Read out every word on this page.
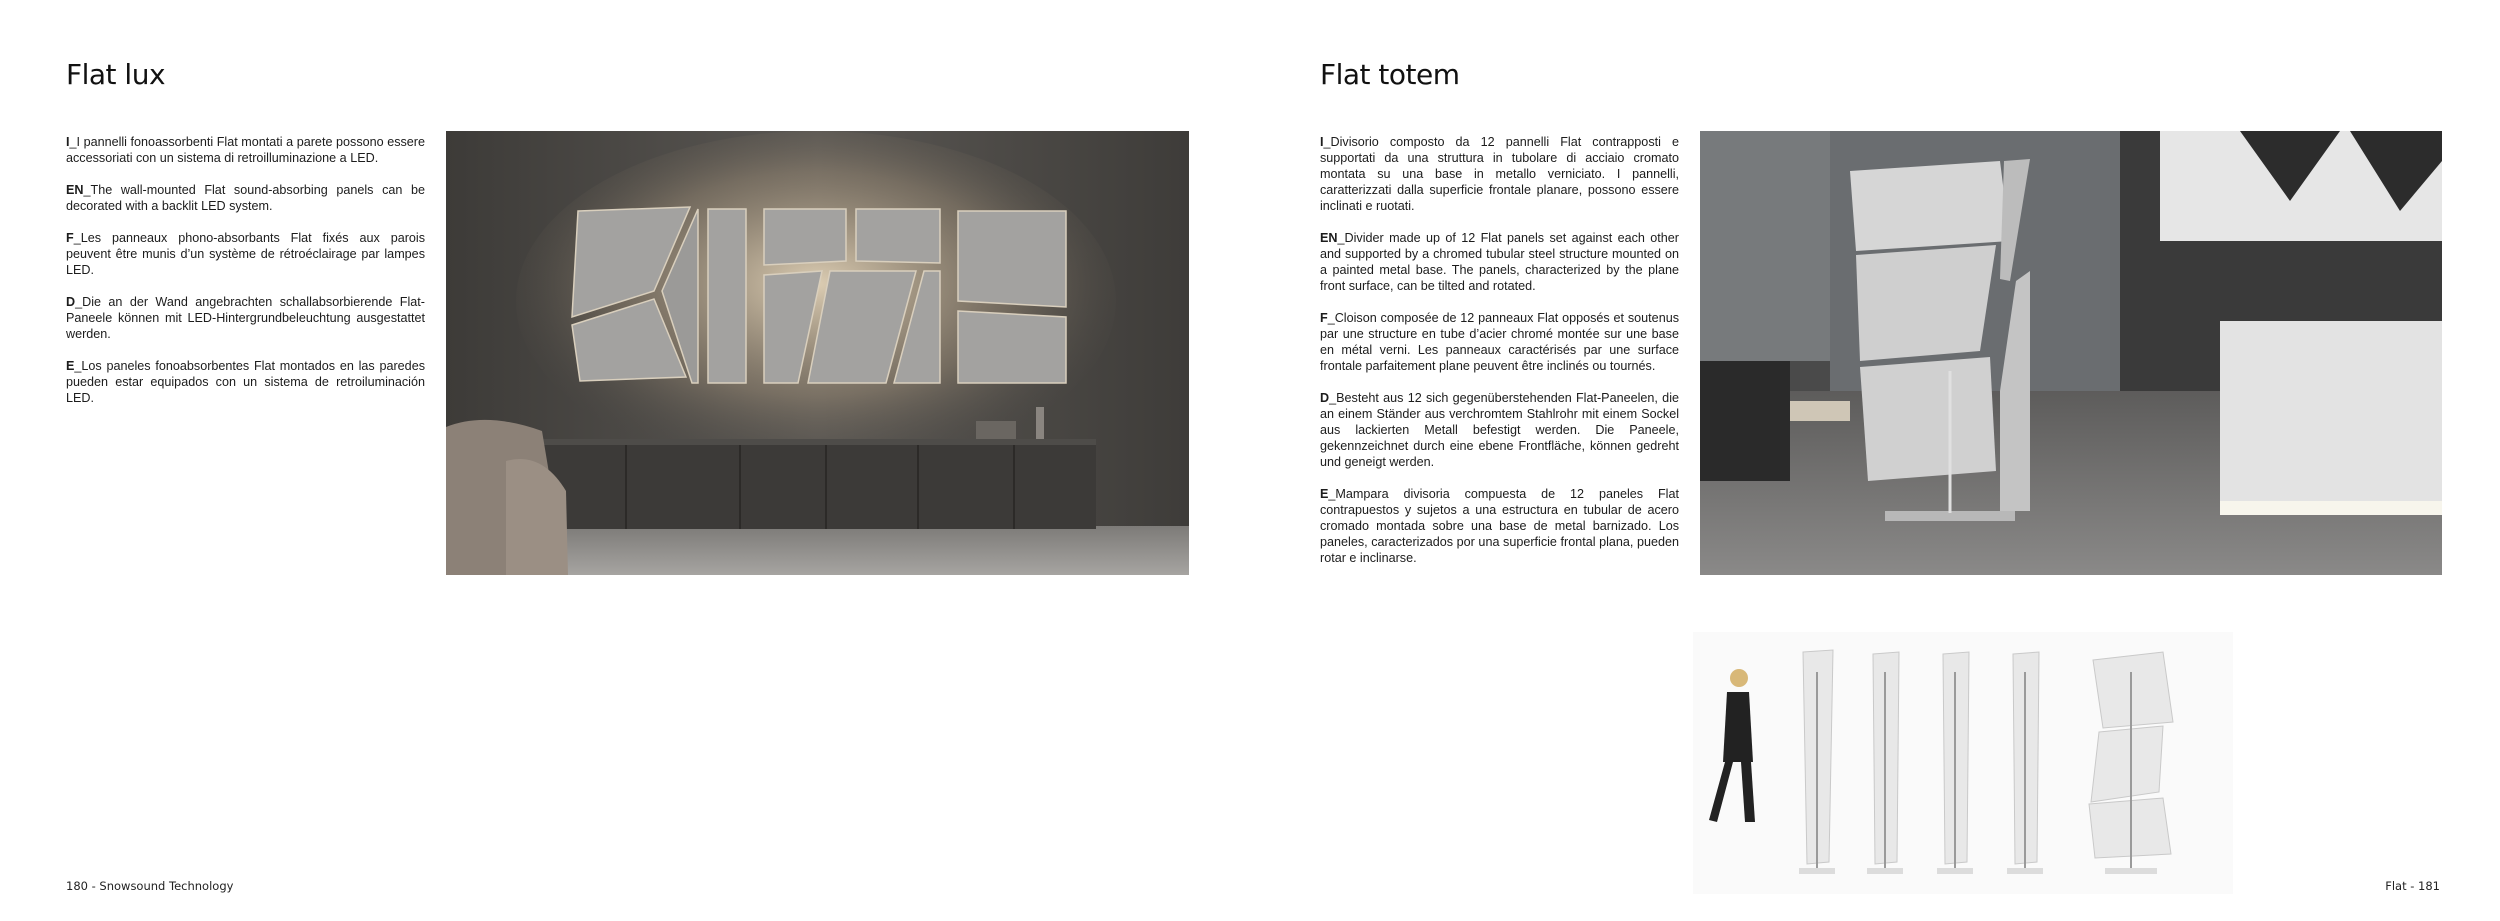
Flat lux

I_I pannelli fonoassorbenti Flat montati a parete possono essere accessoriati con un sistema di retroilluminazione a LED.

EN_The wall-mounted Flat sound-absorbing panels can be decorated with a backlit LED system.

F_Les panneaux phono-absorbants Flat fixés aux parois peuvent être munis d’un système de rétroéclairage par lampes LED.

D_Die an der Wand angebrachten schallabsorbierende Flat-Paneele können mit LED-Hintergrundbeleuchtung ausgestattet werden.

E_Los paneles fonoabsorbentes Flat montados en las paredes pueden estar equipados con un sistema de retroiluminación LED.

180 - Snowsound Technology
Flat totem

I_Divisorio composto da 12 pannelli Flat contrapposti e supportati da una struttura in tubolare di acciaio cromato montata su una base in metallo verniciato. I pannelli, caratterizzati dalla superficie frontale planare, possono essere inclinati e ruotati.

EN_Divider made up of 12 Flat panels set against each other and supported by a chromed tubular steel structure mounted on a painted metal base. The panels, characterized by the plane front surface, can be tilted and rotated.

F_Cloison composée de 12 panneaux Flat opposés et soutenus par une structure en tube d’acier chromé montée sur une base en métal verni. Les panneaux caractérisés par une surface frontale parfaitement plane peuvent être inclinés ou tournés.

D_Besteht aus 12 sich gegenüberstehenden Flat-Paneelen, die an einem Ständer aus verchromtem Stahlrohr mit einem Sockel aus lackierten Metall befestigt werden. Die Paneele, gekennzeichnet durch eine ebene Frontfläche, können gedreht und geneigt werden.

E_Mampara divisoria compuesta de 12 paneles Flat contrapuestos y sujetos a una estructura en tubular de acero cromado montada sobre una base de metal barnizado. Los paneles, caracterizados por una superficie frontal plana, pueden rotar e inclinarse.

Flat - 181
